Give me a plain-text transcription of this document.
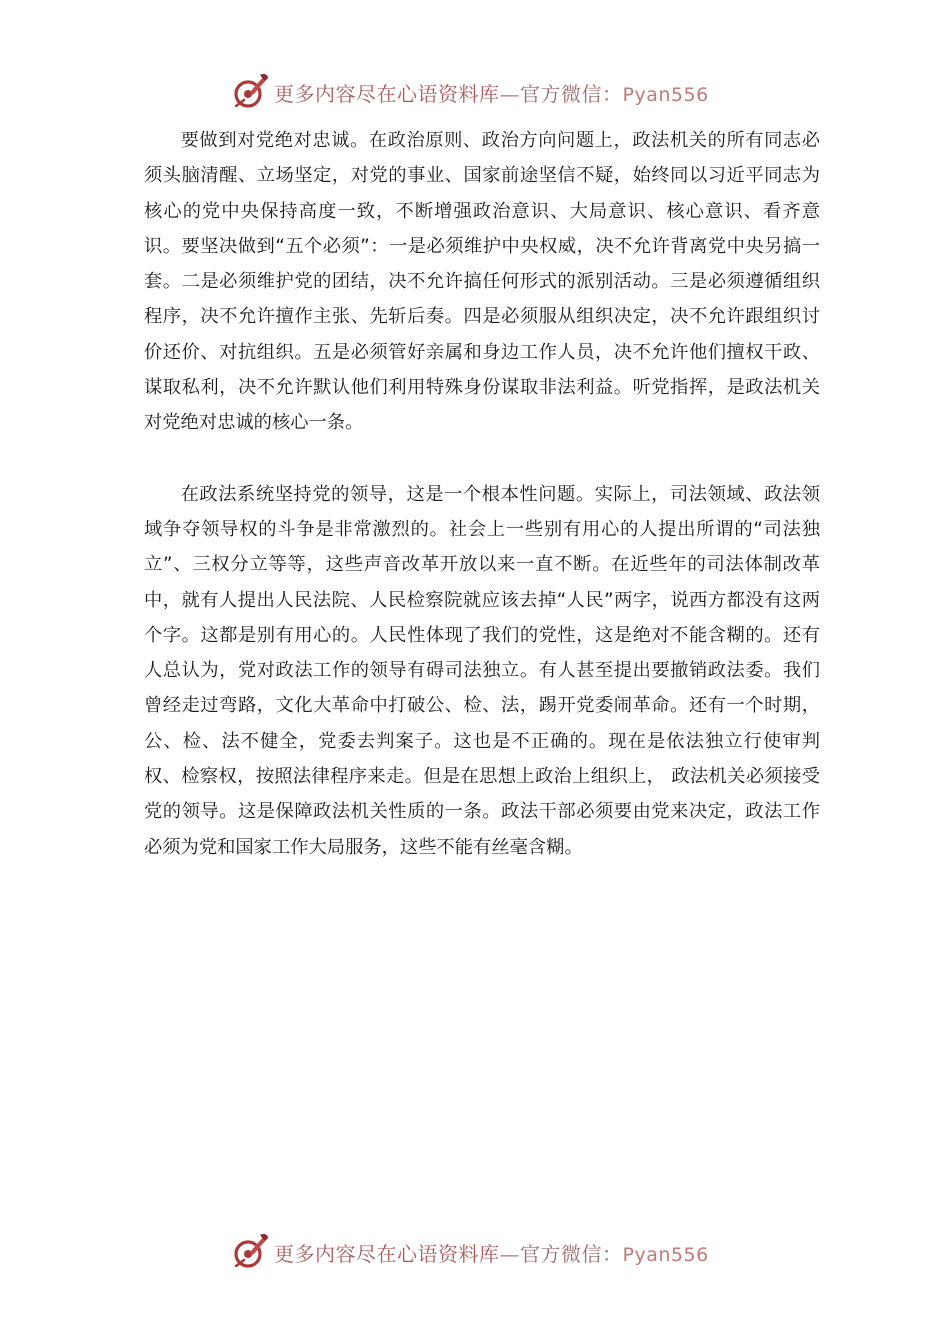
更多内容尽在心语资料库—官方微信：Pyan556

要做到对党绝对忠诚。在政治原则、政治方向问题上，政法机关的所有同志必须头脑清醒、立场坚定，对党的事业、国家前途坚信不疑，始终同以习近平同志为核心的党中央保持高度一致，不断增强政治意识、大局意识、核心意识、看齐意识。要坚决做到“五个必须”：一是必须维护中央权威，决不允许背离党中央另搞一套。二是必须维护党的团结，决不允许搞任何形式的派别活动。三是必须遵循组织程序，决不允许擅作主张、先斩后奏。四是必须服从组织决定，决不允许跟组织讨价还价、对抗组织。五是必须管好亲属和身边工作人员，决不允许他们擅权干政、谋取私利，决不允许默认他们利用特殊身份谋取非法利益。听党指挥，是政法机关对党绝对忠诚的核心一条。

在政法系统坚持党的领导，这是一个根本性问题。实际上，司法领域、政法领域争夺领导权的斗争是非常激烈的。社会上一些别有用心的人提出所谓的“司法独立”、三权分立等等，这些声音改革开放以来一直不断。在近些年的司法体制改革中，就有人提出人民法院、人民检察院就应该去掉“人民”两字，说西方都没有这两个字。这都是别有用心的。人民性体现了我们的党性，这是绝对不能含糊的。还有人总认为，党对政法工作的领导有碍司法独立。有人甚至提出要撤销政法委。我们曾经走过弯路，文化大革命中打破公、检、法，踢开党委闹革命。还有一个时期，公、检、法不健全，党委去判案子。这也是不正确的。现在是依法独立行使审判权、检察权，按照法律程序来走。但是在思想上政治上组织上， 政法机关必须接受党的领导。这是保障政法机关性质的一条。政法干部必须要由党来决定，政法工作必须为党和国家工作大局服务，这些不能有丝毫含糊。

更多内容尽在心语资料库—官方微信：Pyan556
